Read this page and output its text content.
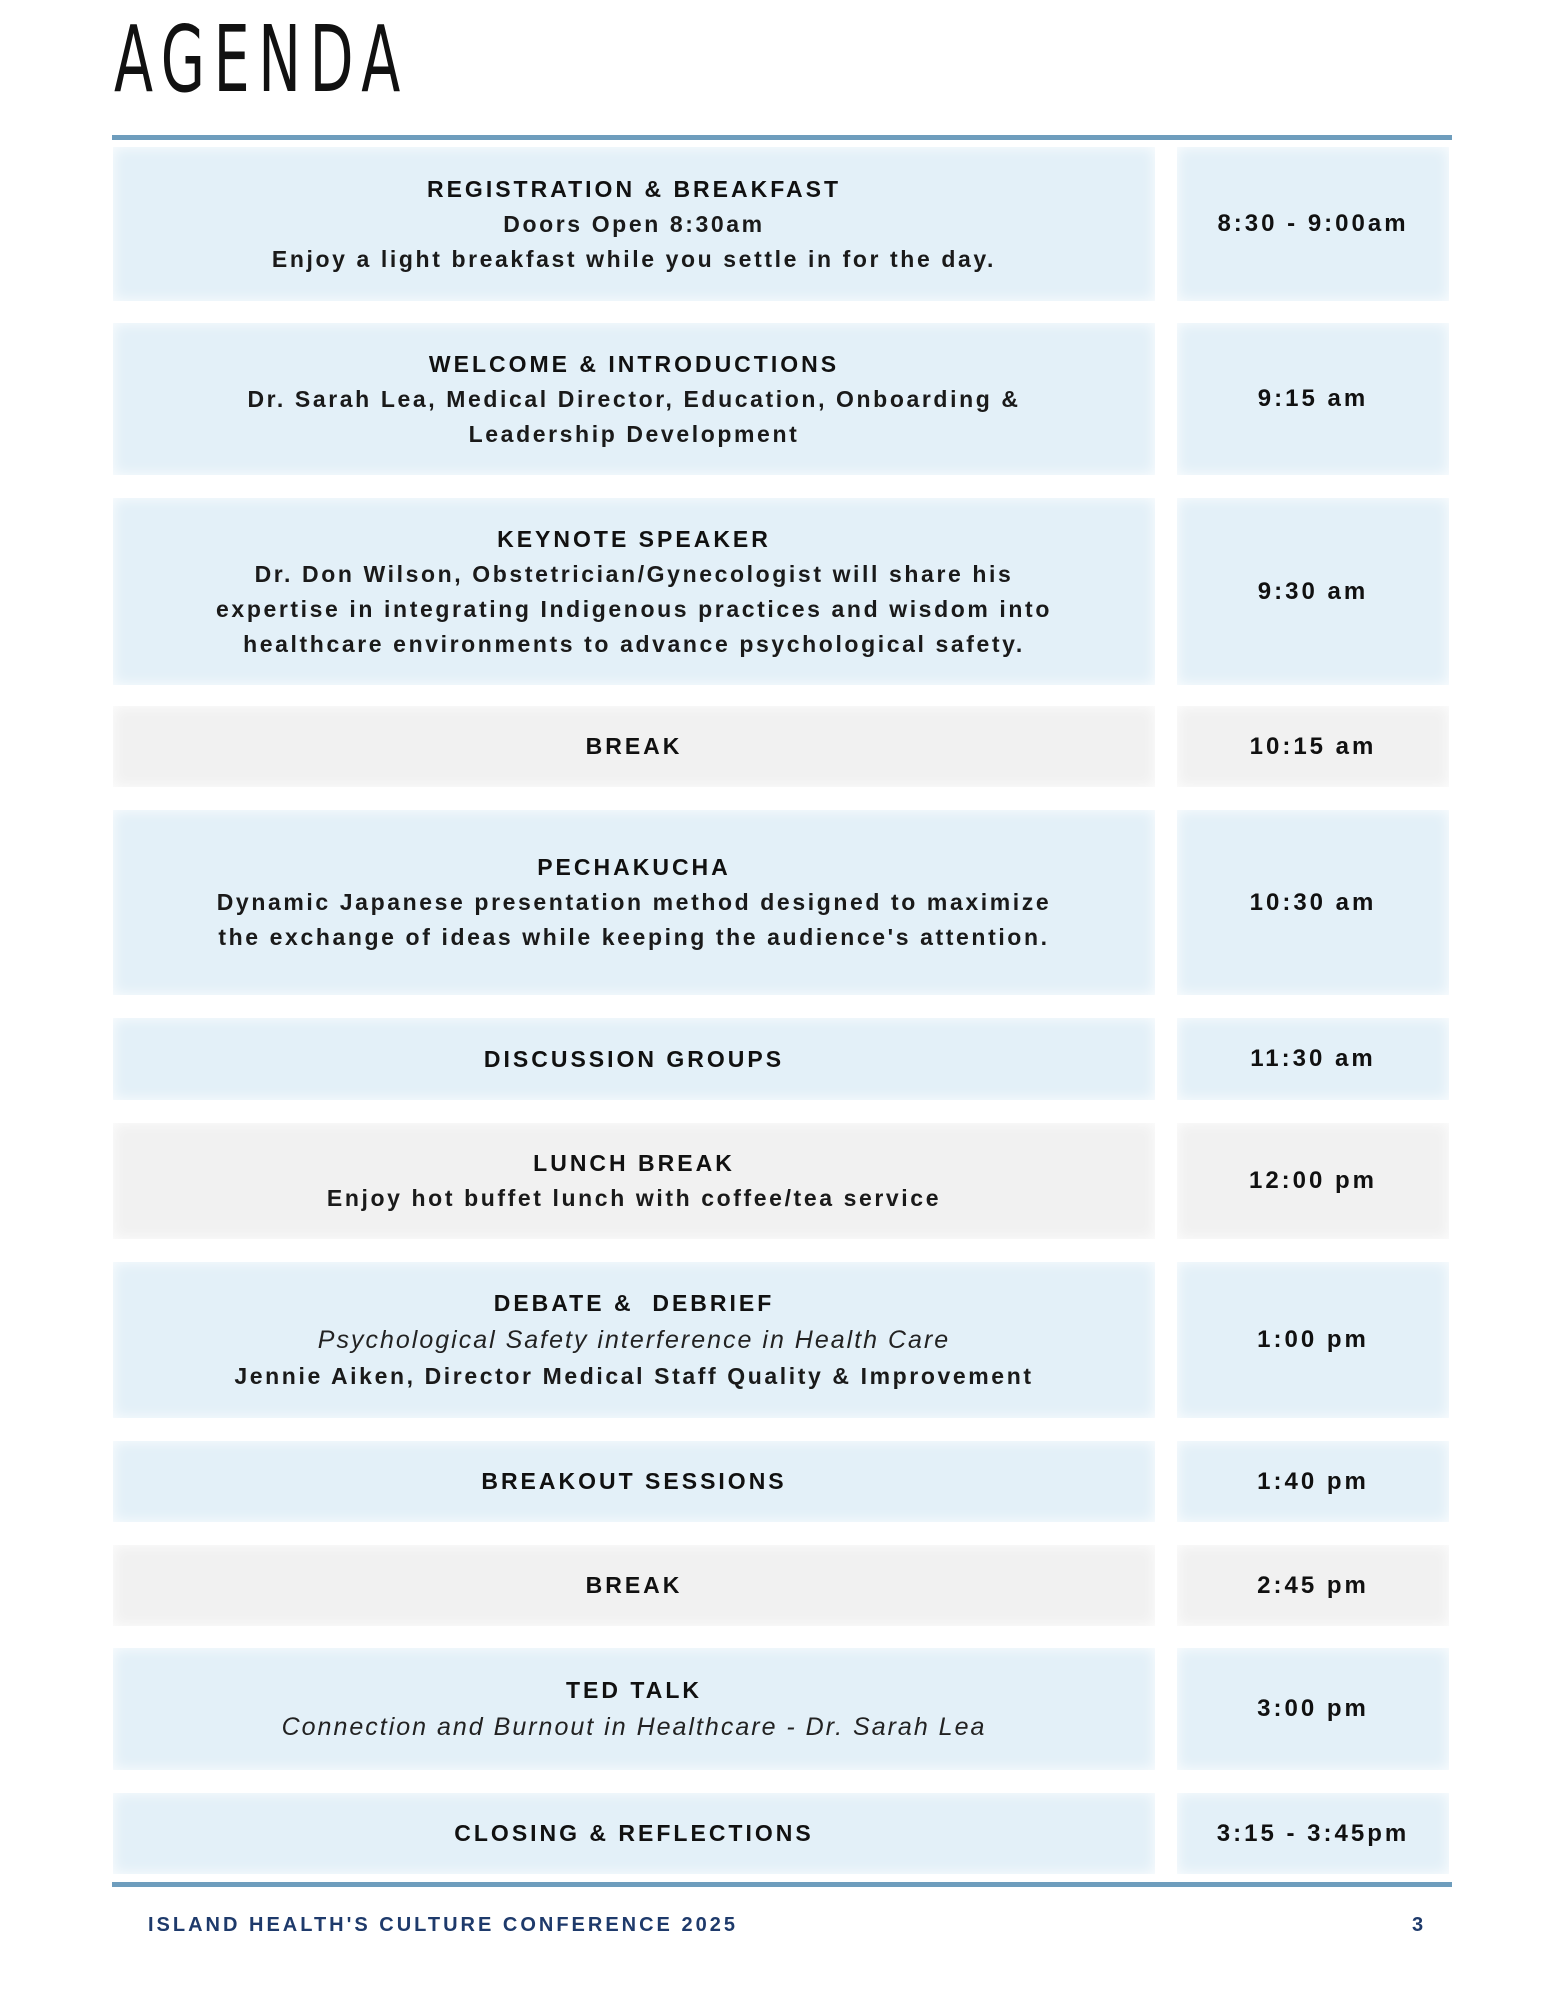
AGENDA
REGISTRATION & BREAKFAST
Doors Open 8:30am
Enjoy a light breakfast while you settle in for the day.
8:30 - 9:00am
WELCOME & INTRODUCTIONS
Dr. Sarah Lea, Medical Director, Education, Onboarding &
Leadership Development
9:15 am
KEYNOTE SPEAKER
Dr. Don Wilson, Obstetrician/Gynecologist will share his
expertise in integrating Indigenous practices and wisdom into
healthcare environments to advance psychological safety.
9:30 am
BREAK	10:15 am
PECHAKUCHA
Dynamic Japanese presentation method designed to maximize
the exchange of ideas while keeping the audience's attention.
10:30 am
DISCUSSION GROUPS	11:30 am
LUNCH BREAK
Enjoy hot buffet lunch with coffee/tea service
12:00 pm
DEBATE &  DEBRIEF
Psychological Safety interference in Health Care
Jennie Aiken, Director Medical Staff Quality & Improvement
1:00 pm
BREAKOUT SESSIONS	1:40 pm
BREAK	2:45 pm
TED TALK
Connection and Burnout in Healthcare - Dr. Sarah Lea
3:00 pm
CLOSING & REFLECTIONS	3:15 - 3:45pm
ISLAND HEALTH'S CULTURE CONFERENCE 2025	3
